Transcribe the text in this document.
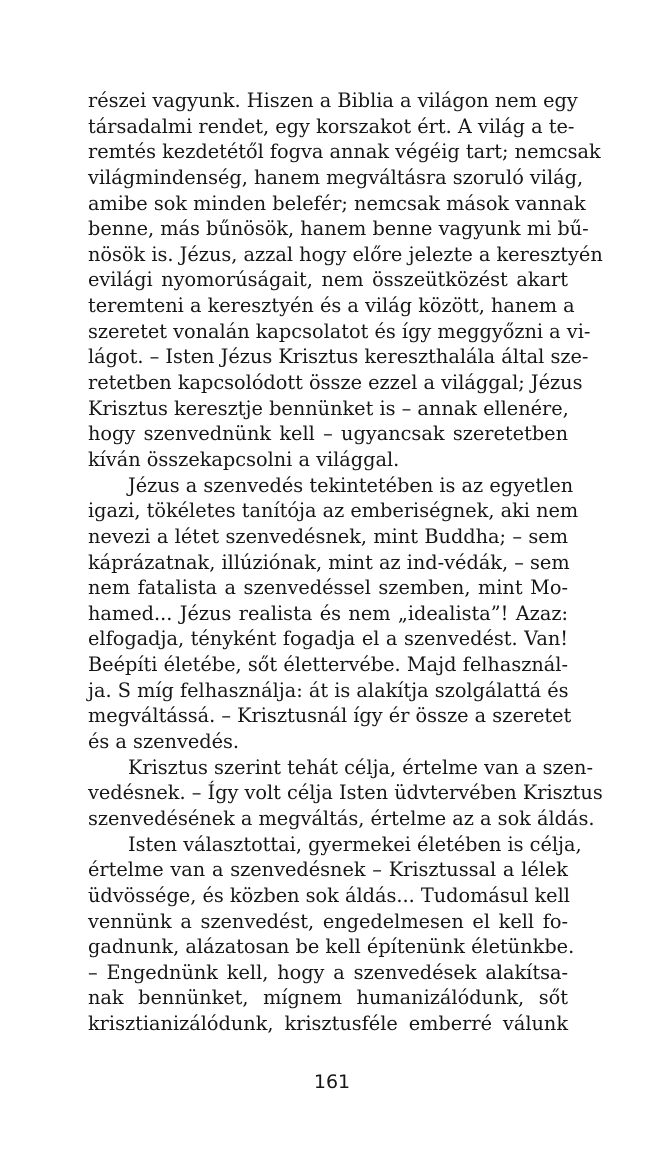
részei vagyunk. Hiszen a Biblia a világon nem egy
társadalmi rendet, egy korszakot ért. A világ a te-
remtés kezdetétől fogva annak végéig tart; nemcsak
világmindenség, hanem megváltásra szoruló világ,
amibe sok minden belefér; nemcsak mások vannak
benne, más bűnösök, hanem benne vagyunk mi bű-
nösök is. Jézus, azzal hogy előre jelezte a keresztyén
evilági nyomorúságait, nem összeütközést akart
teremteni a keresztyén és a világ között, hanem a
szeretet vonalán kapcsolatot és így meggyőzni a vi-
lágot. – Isten Jézus Krisztus kereszthalála által sze-
retetben kapcsolódott össze ezzel a világgal; Jézus
Krisztus keresztje bennünket is – annak ellenére,
hogy szenvednünk kell – ugyancsak szeretetben
kíván összekapcsolni a világgal.
Jézus a szenvedés tekintetében is az egyetlen
igazi, tökéletes tanítója az emberiségnek, aki nem
nevezi a létet szenvedésnek, mint Buddha; – sem
káprázatnak, illúziónak, mint az ind-védák, – sem
nem fatalista a szenvedéssel szemben, mint Mo-
hamed... Jézus realista és nem „idealista”! Azaz:
elfogadja, tényként fogadja el a szenvedést. Van!
Beépíti életébe, sőt élettervébe. Majd felhasznál-
ja. S míg felhasználja: át is alakítja szolgálattá és
megváltássá. – Krisztusnál így ér össze a szeretet
és a szenvedés.
Krisztus szerint tehát célja, értelme van a szen-
vedésnek. – Így volt célja Isten üdvtervében Krisztus
szenvedésének a megváltás, értelme az a sok áldás.
Isten választottai, gyermekei életében is célja,
értelme van a szenvedésnek – Krisztussal a lélek
üdvössége, és közben sok áldás... Tudomásul kell
vennünk a szenvedést, engedelmesen el kell fo-
gadnunk, alázatosan be kell építenünk életünkbe.
– Engednünk kell, hogy a szenvedések alakítsa-
nak bennünket, mígnem humanizálódunk, sőt
krisztianizálódunk, krisztusféle emberré válunk
161
